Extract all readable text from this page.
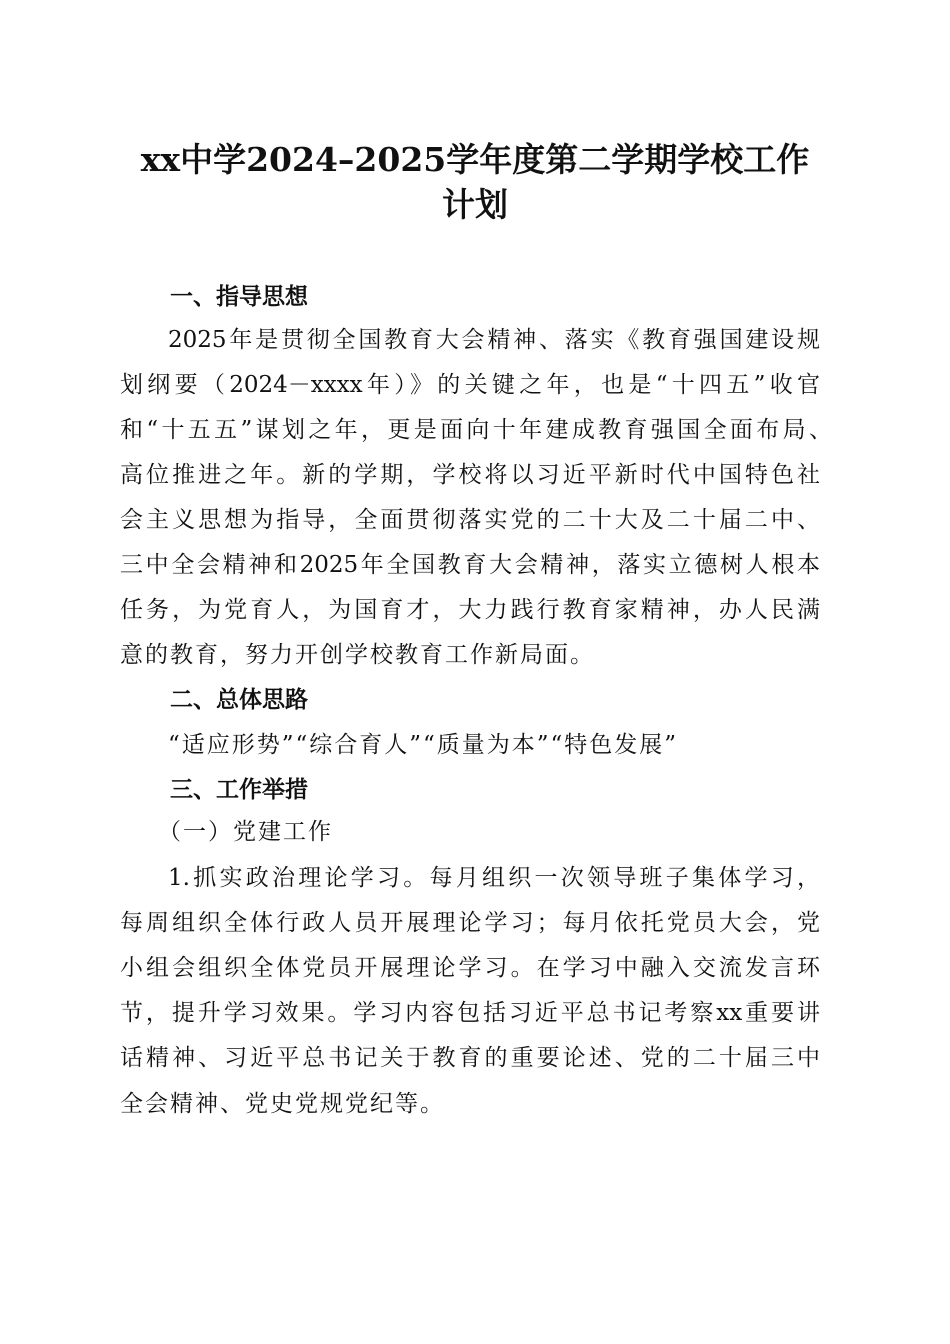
xx中学2024–2025学年度第二学期学校工作
计划
一、指导思想
2025年是贯彻全国教育大会精神、落实《教育强国建设规
划纲要（2024－xxxx年）》的关键之年，也是“十四五”收官
和“十五五”谋划之年，更是面向十年建成教育强国全面布局、
高位推进之年。新的学期，学校将以习近平新时代中国特色社
会主义思想为指导，全面贯彻落实党的二十大及二十届二中、
三中全会精神和2025年全国教育大会精神，落实立德树人根本
任务，为党育人，为国育才，大力践行教育家精神，办人民满
意的教育，努力开创学校教育工作新局面。
二、总体思路
“适应形势”“综合育人”“质量为本”“特色发展”
三、工作举措
（一）党建工作
1.抓实政治理论学习。每月组织一次领导班子集体学习，
每周组织全体行政人员开展理论学习；每月依托党员大会，党
小组会组织全体党员开展理论学习。在学习中融入交流发言环
节，提升学习效果。学习内容包括习近平总书记考察xx重要讲
话精神、习近平总书记关于教育的重要论述、党的二十届三中
全会精神、党史党规党纪等。
